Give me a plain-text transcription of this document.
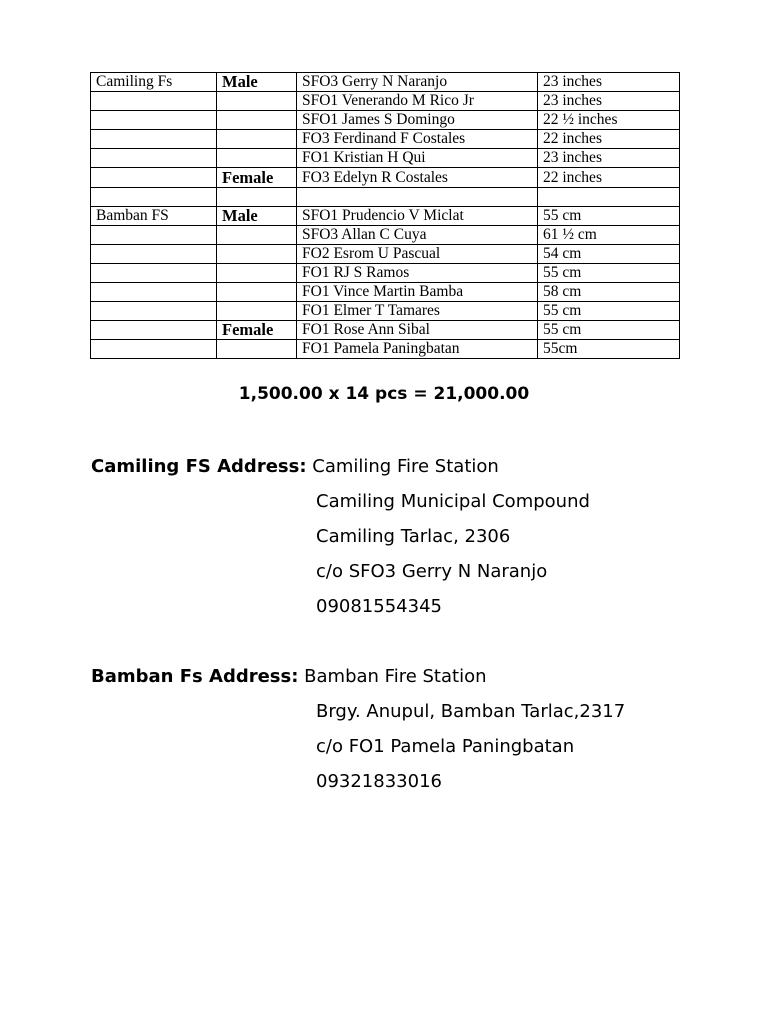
Camiling Fs	Male	SFO3 Gerry N Naranjo	23 inches
		SFO1 Venerando M Rico Jr	23 inches
		SFO1 James S Domingo	22 ½ inches
		FO3 Ferdinand F Costales	22 inches
		FO1 Kristian H Qui	23 inches
	Female	FO3 Edelyn R Costales	22 inches

Bamban FS	Male	SFO1 Prudencio V Miclat	55 cm
		SFO3 Allan C Cuya	61 ½ cm
		FO2 Esrom U Pascual	54 cm
		FO1 RJ S Ramos	55 cm
		FO1 Vince Martin Bamba	58 cm
		FO1 Elmer T Tamares	55 cm
	Female	FO1 Rose Ann Sibal	55 cm
		FO1 Pamela Paningbatan	55cm
1,500.00 x 14 pcs = 21,000.00
Camiling FS Address: Camiling Fire Station
Camiling Municipal Compound
Camiling Tarlac, 2306
c/o SFO3 Gerry N Naranjo
09081554345
Bamban Fs Address: Bamban Fire Station
Brgy. Anupul, Bamban Tarlac,2317
c/o FO1 Pamela Paningbatan
09321833016
